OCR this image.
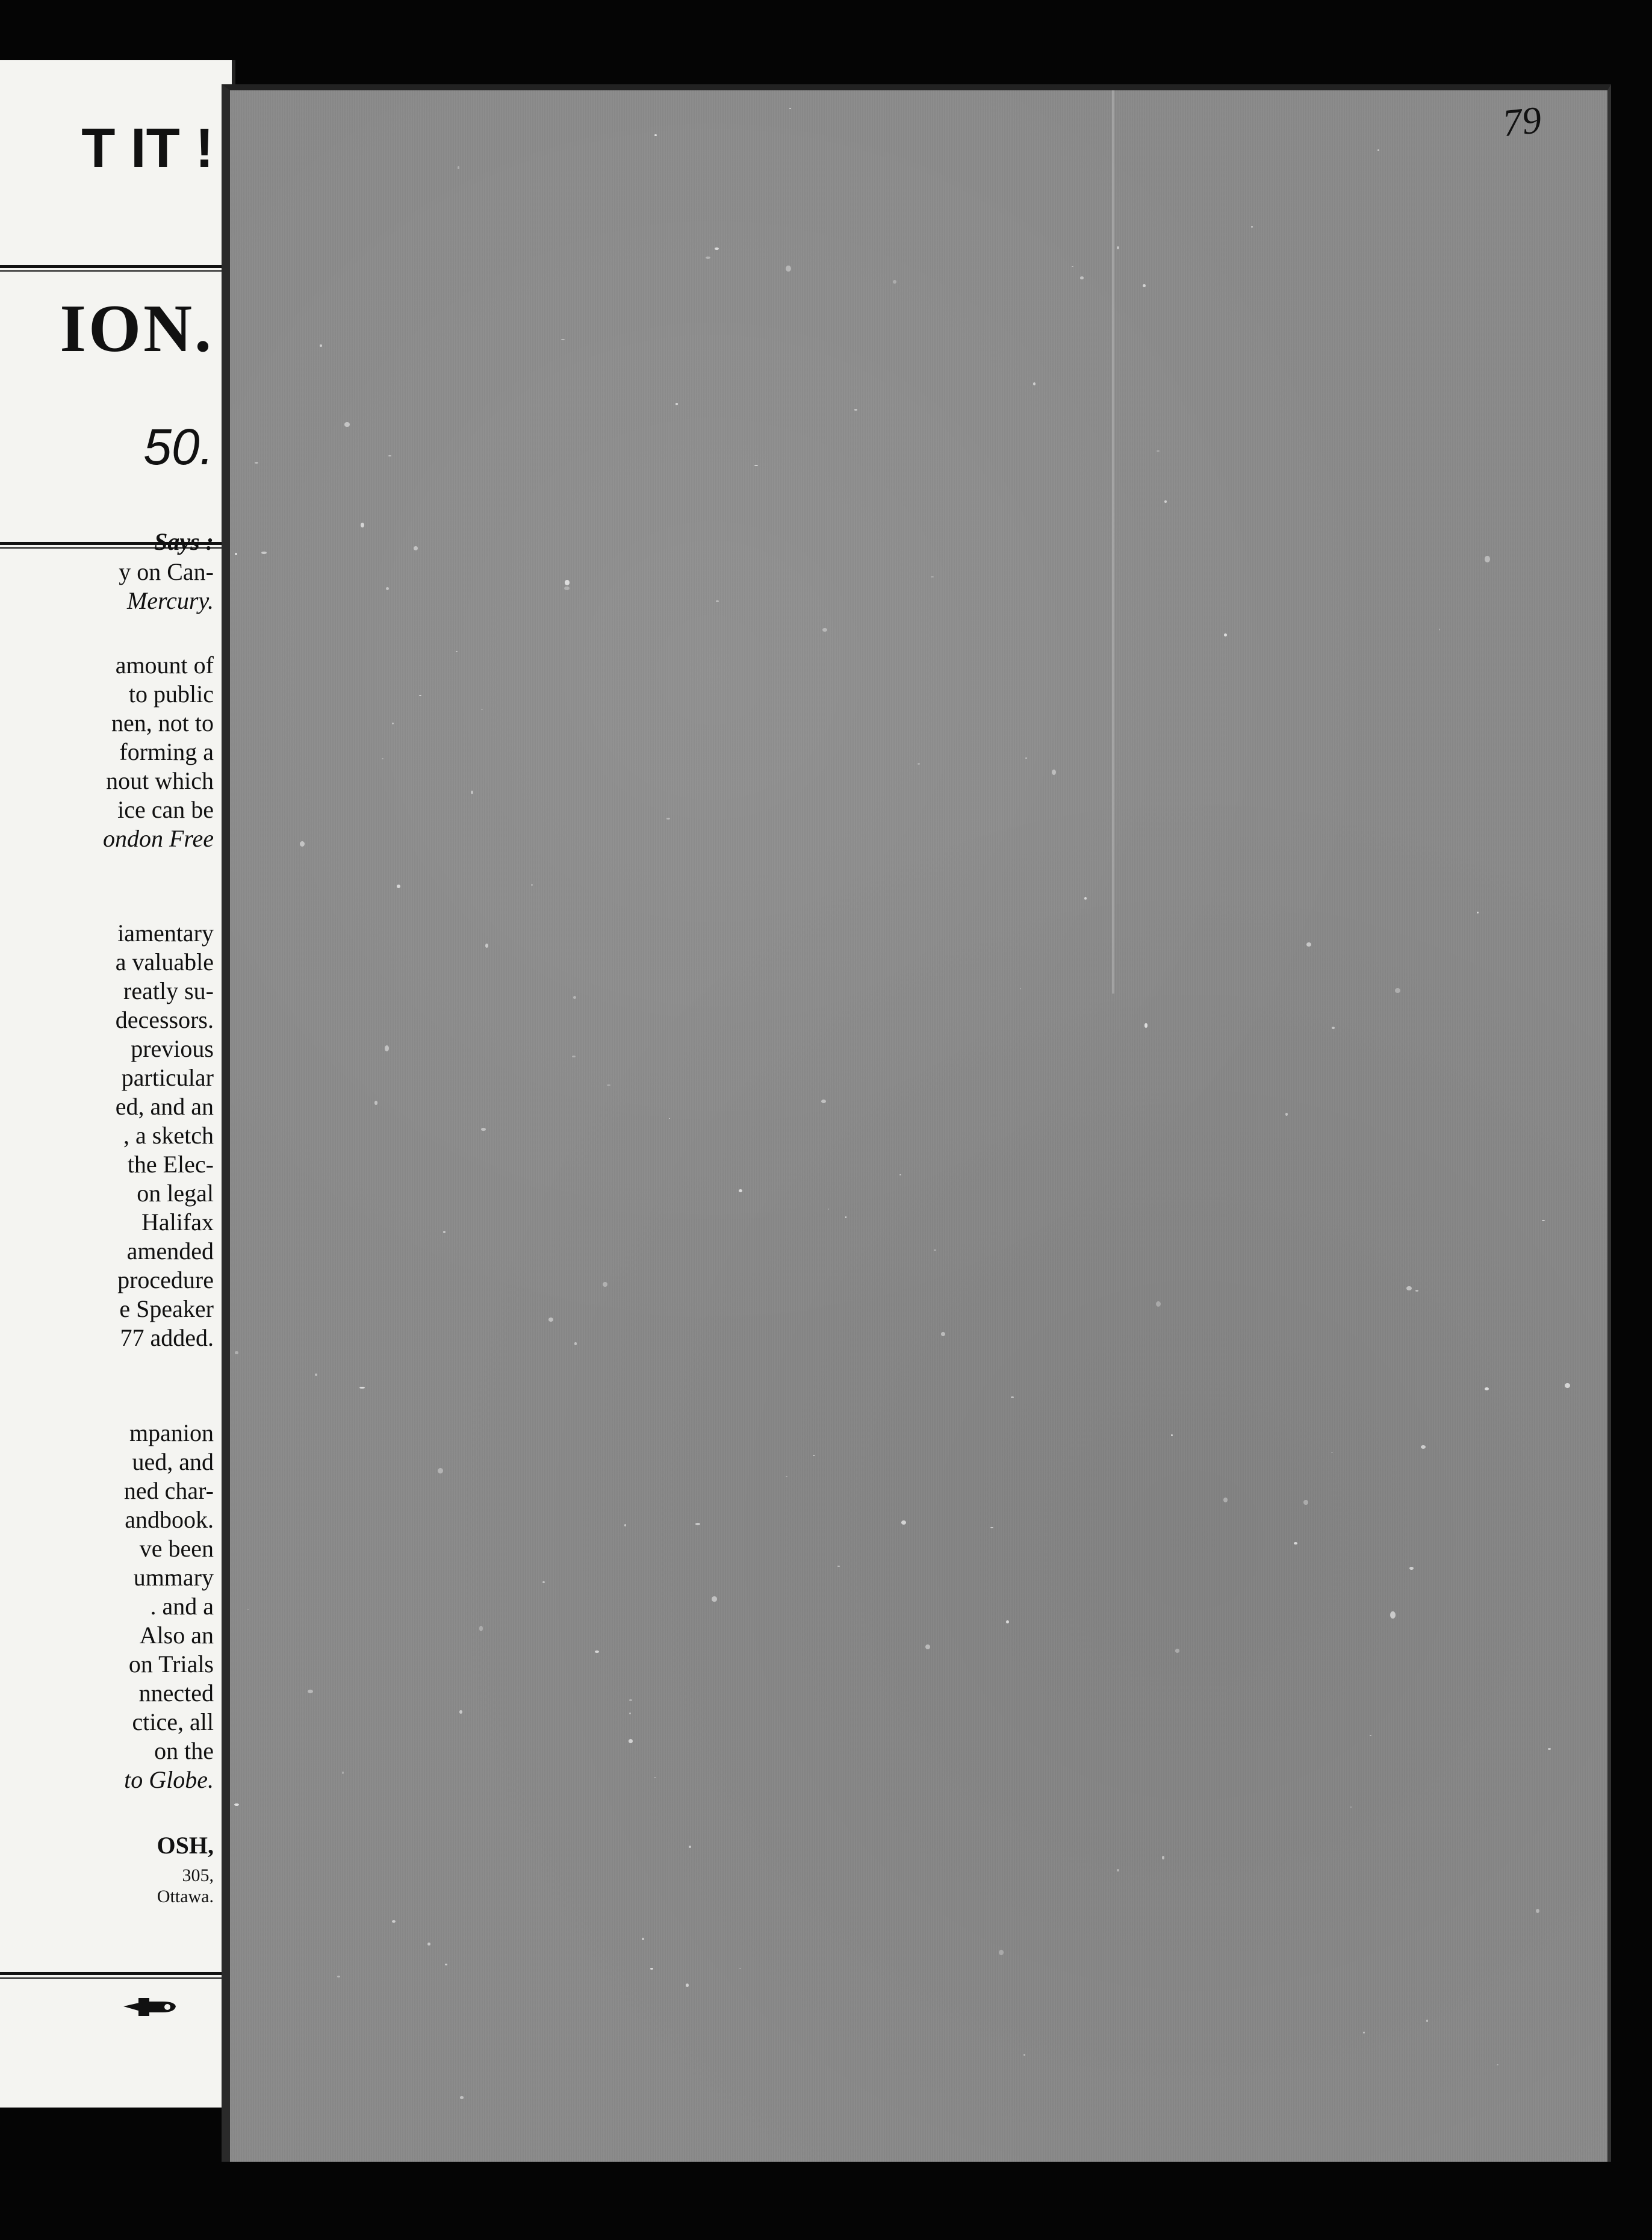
T IT !
ION.
50.
Says :
y on Can-
Mercury.
amount of
to public
nen, not to
forming a
nout which
ice can be
ondon Free
iamentary
a valuable
reatly su-
decessors.
previous
particular
ed, and an
, a sketch
the Elec-
on legal
Halifax
amended
procedure
e Speaker
77 added.
mpanion
ued, and
ned char-
andbook.
ve been
ummary
. and a
Also an
on Trials
nnected
ctice, all
on the
to Globe.
OSH,
305,
Ottawa.
79
